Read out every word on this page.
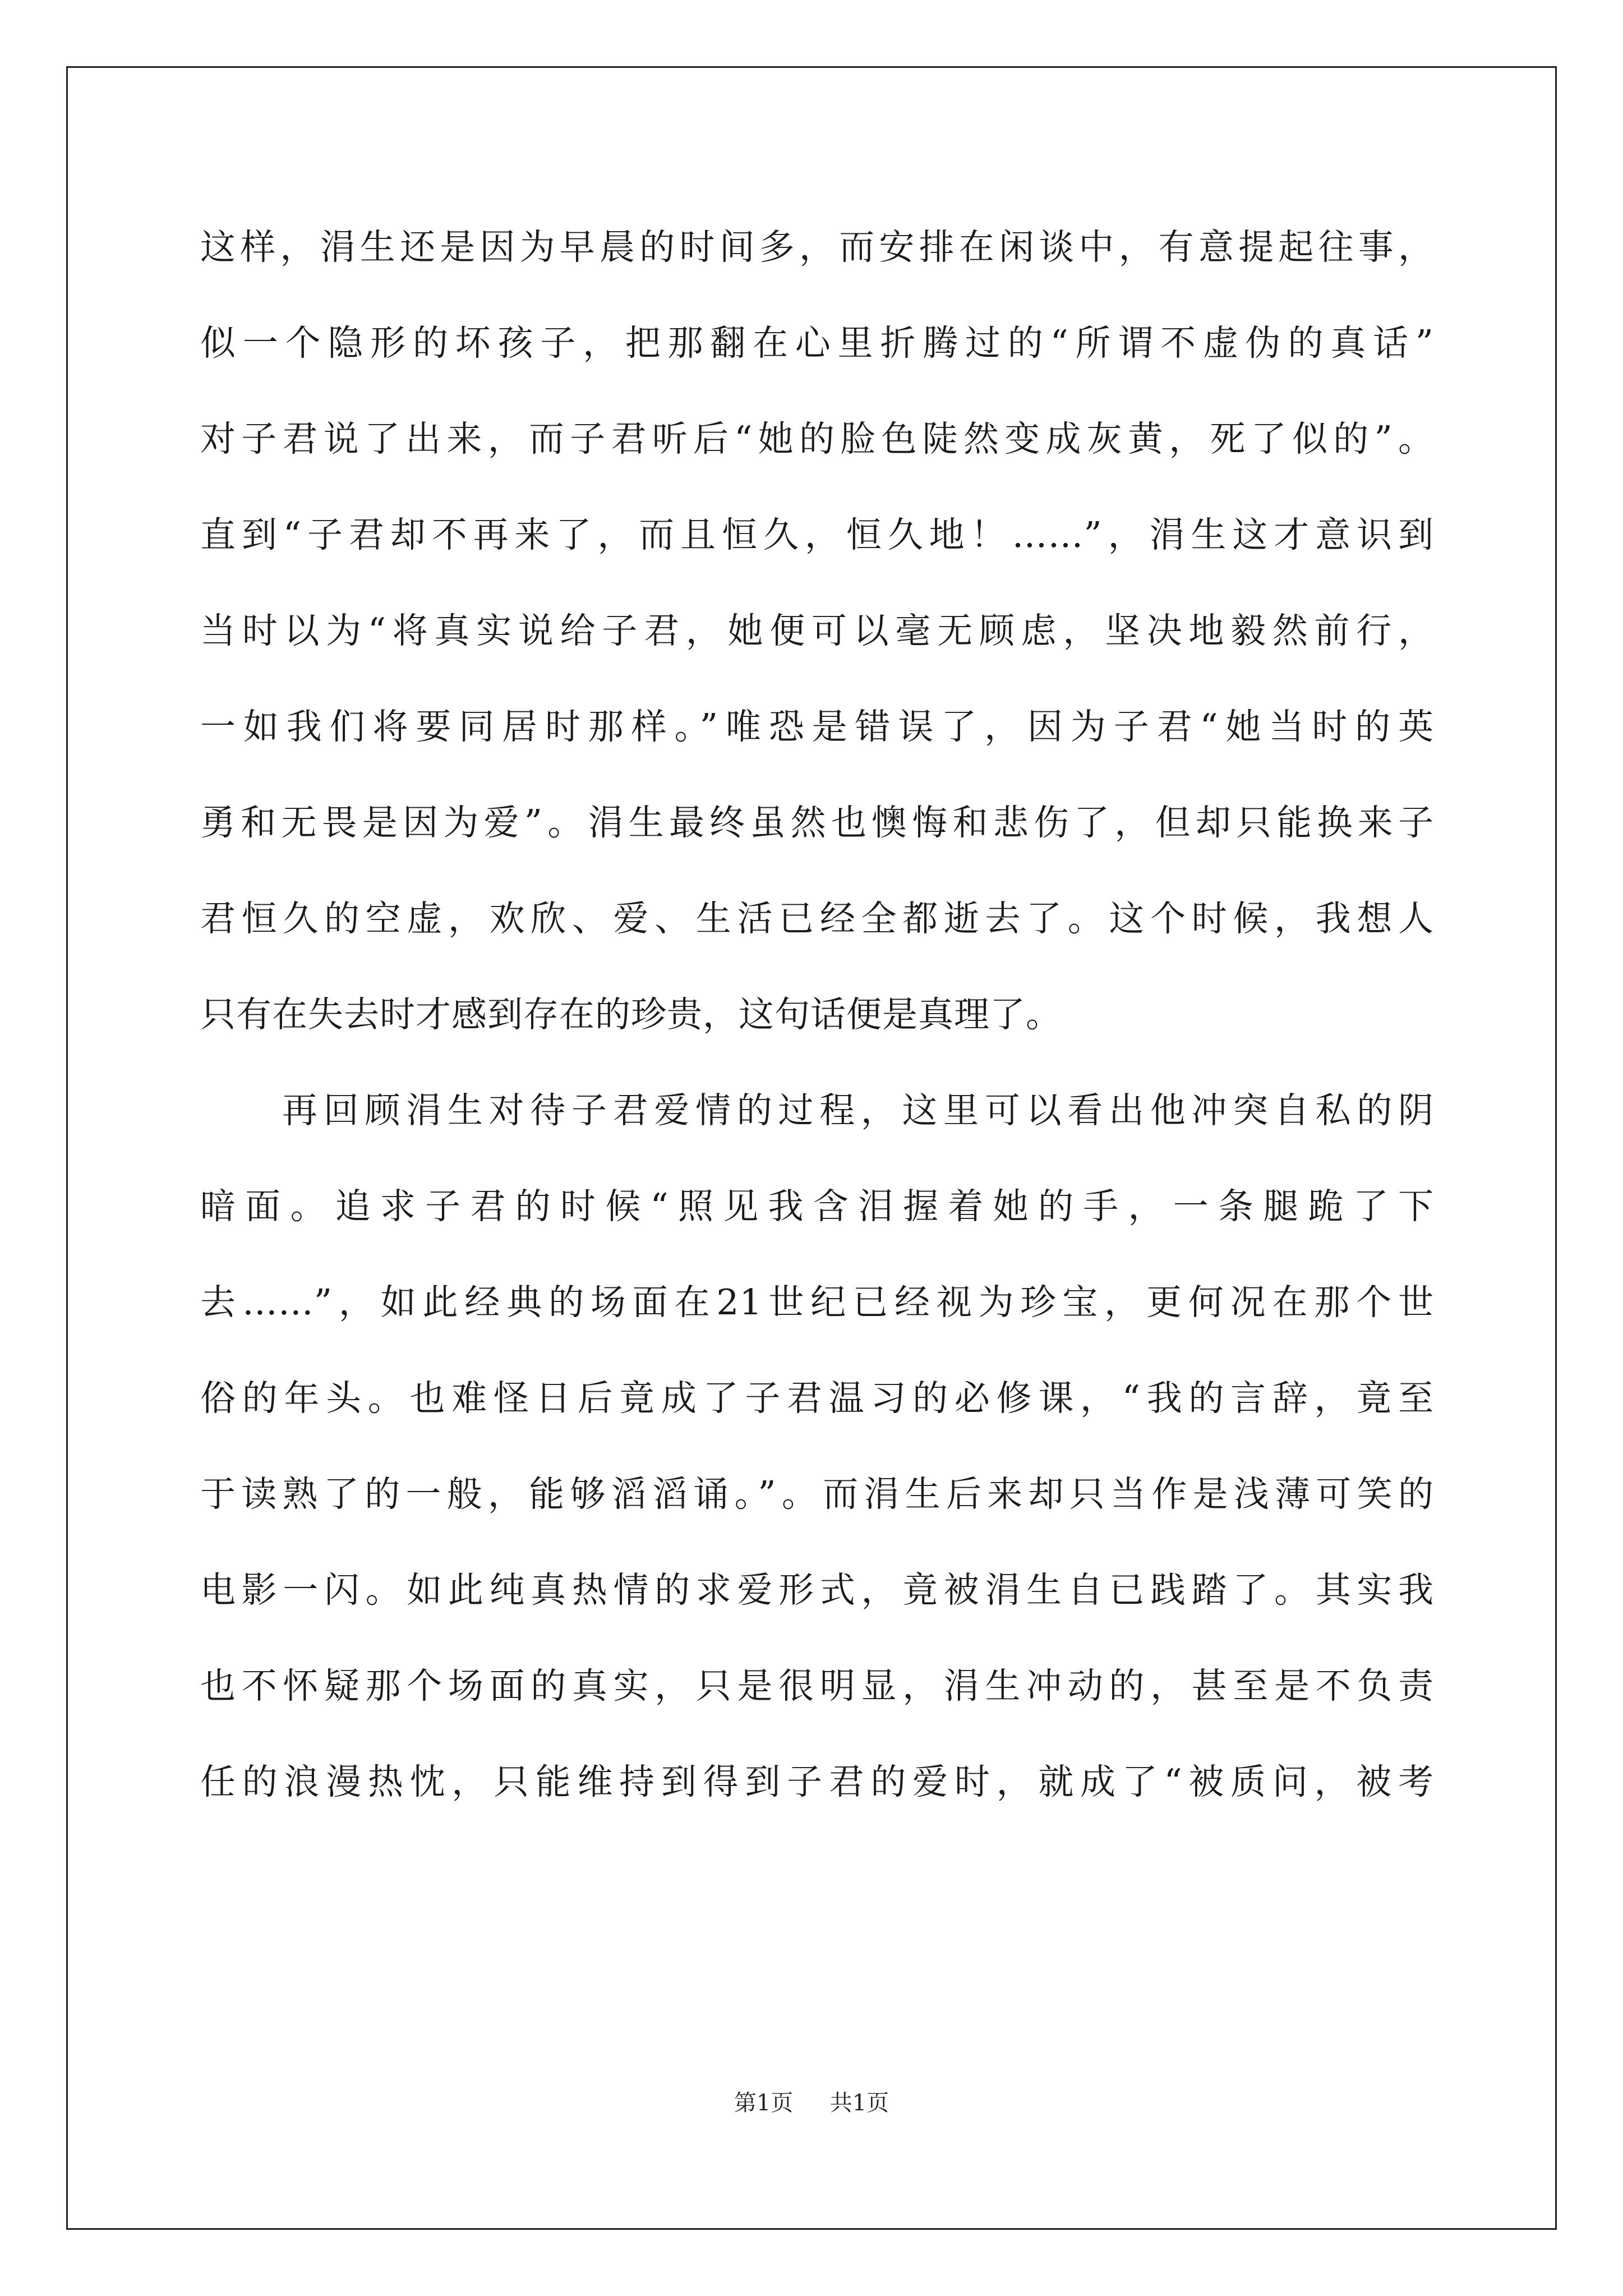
这样，涓生还是因为早晨的时间多，而安排在闲谈中，有意提起往事，
似一个隐形的坏孩子，把那翻在心里折腾过的“所谓不虚伪的真话”
对子君说了出来，而子君听后“她的脸色陡然变成灰黄，死了似的”。
直到“子君却不再来了，而且恒久，恒久地！……”，涓生这才意识到
当时以为“将真实说给子君，她便可以毫无顾虑，坚决地毅然前行，
一如我们将要同居时那样。”唯恐是错误了，因为子君“她当时的英
勇和无畏是因为爱”。涓生最终虽然也懊悔和悲伤了，但却只能换来子
君恒久的空虚，欢欣、爱、生活已经全都逝去了。这个时候，我想人
只有在失去时才感到存在的珍贵，这句话便是真理了。
再回顾涓生对待子君爱情的过程，这里可以看出他冲突自私的阴
暗面。追求子君的时候“照见我含泪握着她的手，一条腿跪了下
去……”，如此经典的场面在21世纪已经视为珍宝，更何况在那个世
俗的年头。也难怪日后竟成了子君温习的必修课，“我的言辞，竟至
于读熟了的一般，能够滔滔诵。”。而涓生后来却只当作是浅薄可笑的
电影一闪。如此纯真热情的求爱形式，竟被涓生自已践踏了。其实我
也不怀疑那个场面的真实，只是很明显，涓生冲动的，甚至是不负责
任的浪漫热忱，只能维持到得到子君的爱时，就成了“被质问，被考
第1页 共1页
